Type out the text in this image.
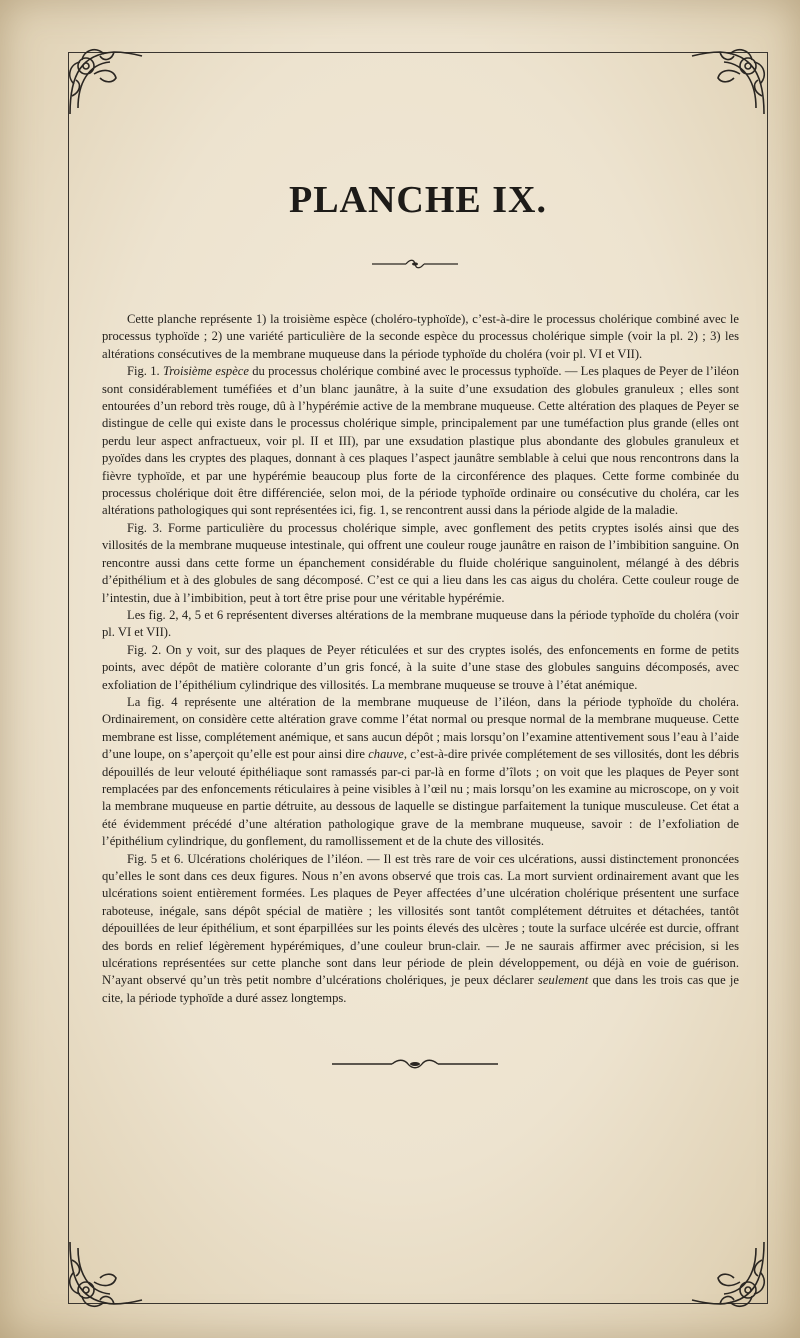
PLANCHE IX.

Cette planche représente 1) la troisième espèce (choléro-typhoïde), c’est-à-dire le processus cholérique combiné avec le processus typhoïde ; 2) une variété particulière de la seconde espèce du processus cholérique simple (voir la pl. 2) ; 3) les altérations consécutives de la membrane muqueuse dans la période typhoïde du choléra (voir pl. VI et VII).

Fig. 1. Troisième espèce du processus cholérique combiné avec le processus typhoïde. — Les plaques de Peyer de l’iléon sont considérablement tuméfiées et d’un blanc jaunâtre, à la suite d’une exsudation des globules granuleux ; elles sont entourées d’un rebord très rouge, dû à l’hypérémie active de la membrane muqueuse. Cette altération des plaques de Peyer se distingue de celle qui existe dans le processus cholérique simple, principalement par une tuméfaction plus grande (elles ont perdu leur aspect anfractueux, voir pl. II et III), par une exsudation plastique plus abondante des globules granuleux et pyoïdes dans les cryptes des plaques, donnant à ces plaques l’aspect jaunâtre semblable à celui que nous rencontrons dans la fièvre typhoïde, et par une hypérémie beaucoup plus forte de la circonférence des plaques. Cette forme combinée du processus cholérique doit être différenciée, selon moi, de la période typhoïde ordinaire ou consécutive du choléra, car les altérations pathologiques qui sont représentées ici, fig. 1, se rencontrent aussi dans la période algide de la maladie.

Fig. 3. Forme particulière du processus cholérique simple, avec gonflement des petits cryptes isolés ainsi que des villosités de la membrane muqueuse intestinale, qui offrent une couleur rouge jaunâtre en raison de l’imbibition sanguine. On rencontre aussi dans cette forme un épanchement considérable du fluide cholérique sanguinolent, mélangé à des débris d’épithélium et à des globules de sang décomposé. C’est ce qui a lieu dans les cas aigus du choléra. Cette couleur rouge de l’intestin, due à l’imbibition, peut à tort être prise pour une véritable hypérémie.

Les fig. 2, 4, 5 et 6 représentent diverses altérations de la membrane muqueuse dans la période typhoïde du choléra (voir pl. VI et VII).

Fig. 2. On y voit, sur des plaques de Peyer réticulées et sur des cryptes isolés, des enfoncements en forme de petits points, avec dépôt de matière colorante d’un gris foncé, à la suite d’une stase des globules sanguins décomposés, avec exfoliation de l’épithélium cylindrique des villosités. La membrane muqueuse se trouve à l’état anémique.

La fig. 4 représente une altération de la membrane muqueuse de l’iléon, dans la période typhoïde du choléra. Ordinairement, on considère cette altération grave comme l’état normal ou presque normal de la membrane muqueuse. Cette membrane est lisse, complétement anémique, et sans aucun dépôt ; mais lorsqu’on l’examine attentivement sous l’eau à l’aide d’une loupe, on s’aperçoit qu’elle est pour ainsi dire chauve, c’est-à-dire privée complétement de ses villosités, dont les débris dépouillés de leur velouté épithéliaque sont ramassés par-ci par-là en forme d’îlots ; on voit que les plaques de Peyer sont remplacées par des enfoncements réticulaires à peine visibles à l’œil nu ; mais lorsqu’on les examine au microscope, on y voit la membrane muqueuse en partie détruite, au dessous de laquelle se distingue parfaitement la tunique musculeuse. Cet état a été évidemment précédé d’une altération pathologique grave de la membrane muqueuse, savoir : de l’exfoliation de l’épithélium cylindrique, du gonflement, du ramollissement et de la chute des villosités.

Fig. 5 et 6. Ulcérations cholériques de l’iléon. — Il est très rare de voir ces ulcérations, aussi distinctement prononcées qu’elles le sont dans ces deux figures. Nous n’en avons observé que trois cas. La mort survient ordinairement avant que les ulcérations soient entièrement formées. Les plaques de Peyer affectées d’une ulcération cholérique présentent une surface raboteuse, inégale, sans dépôt spécial de matière ; les villosités sont tantôt complétement détruites et détachées, tantôt dépouillées de leur épithélium, et sont éparpillées sur les points élevés des ulcères ; toute la surface ulcérée est durcie, offrant des bords en relief légèrement hypérémiques, d’une couleur brun-clair. — Je ne saurais affirmer avec précision, si les ulcérations représentées sur cette planche sont dans leur période de plein développement, ou déjà en voie de guérison. N’ayant observé qu’un très petit nombre d’ulcérations cholériques, je peux déclarer seulement que dans les trois cas que je cite, la période typhoïde a duré assez longtemps.
